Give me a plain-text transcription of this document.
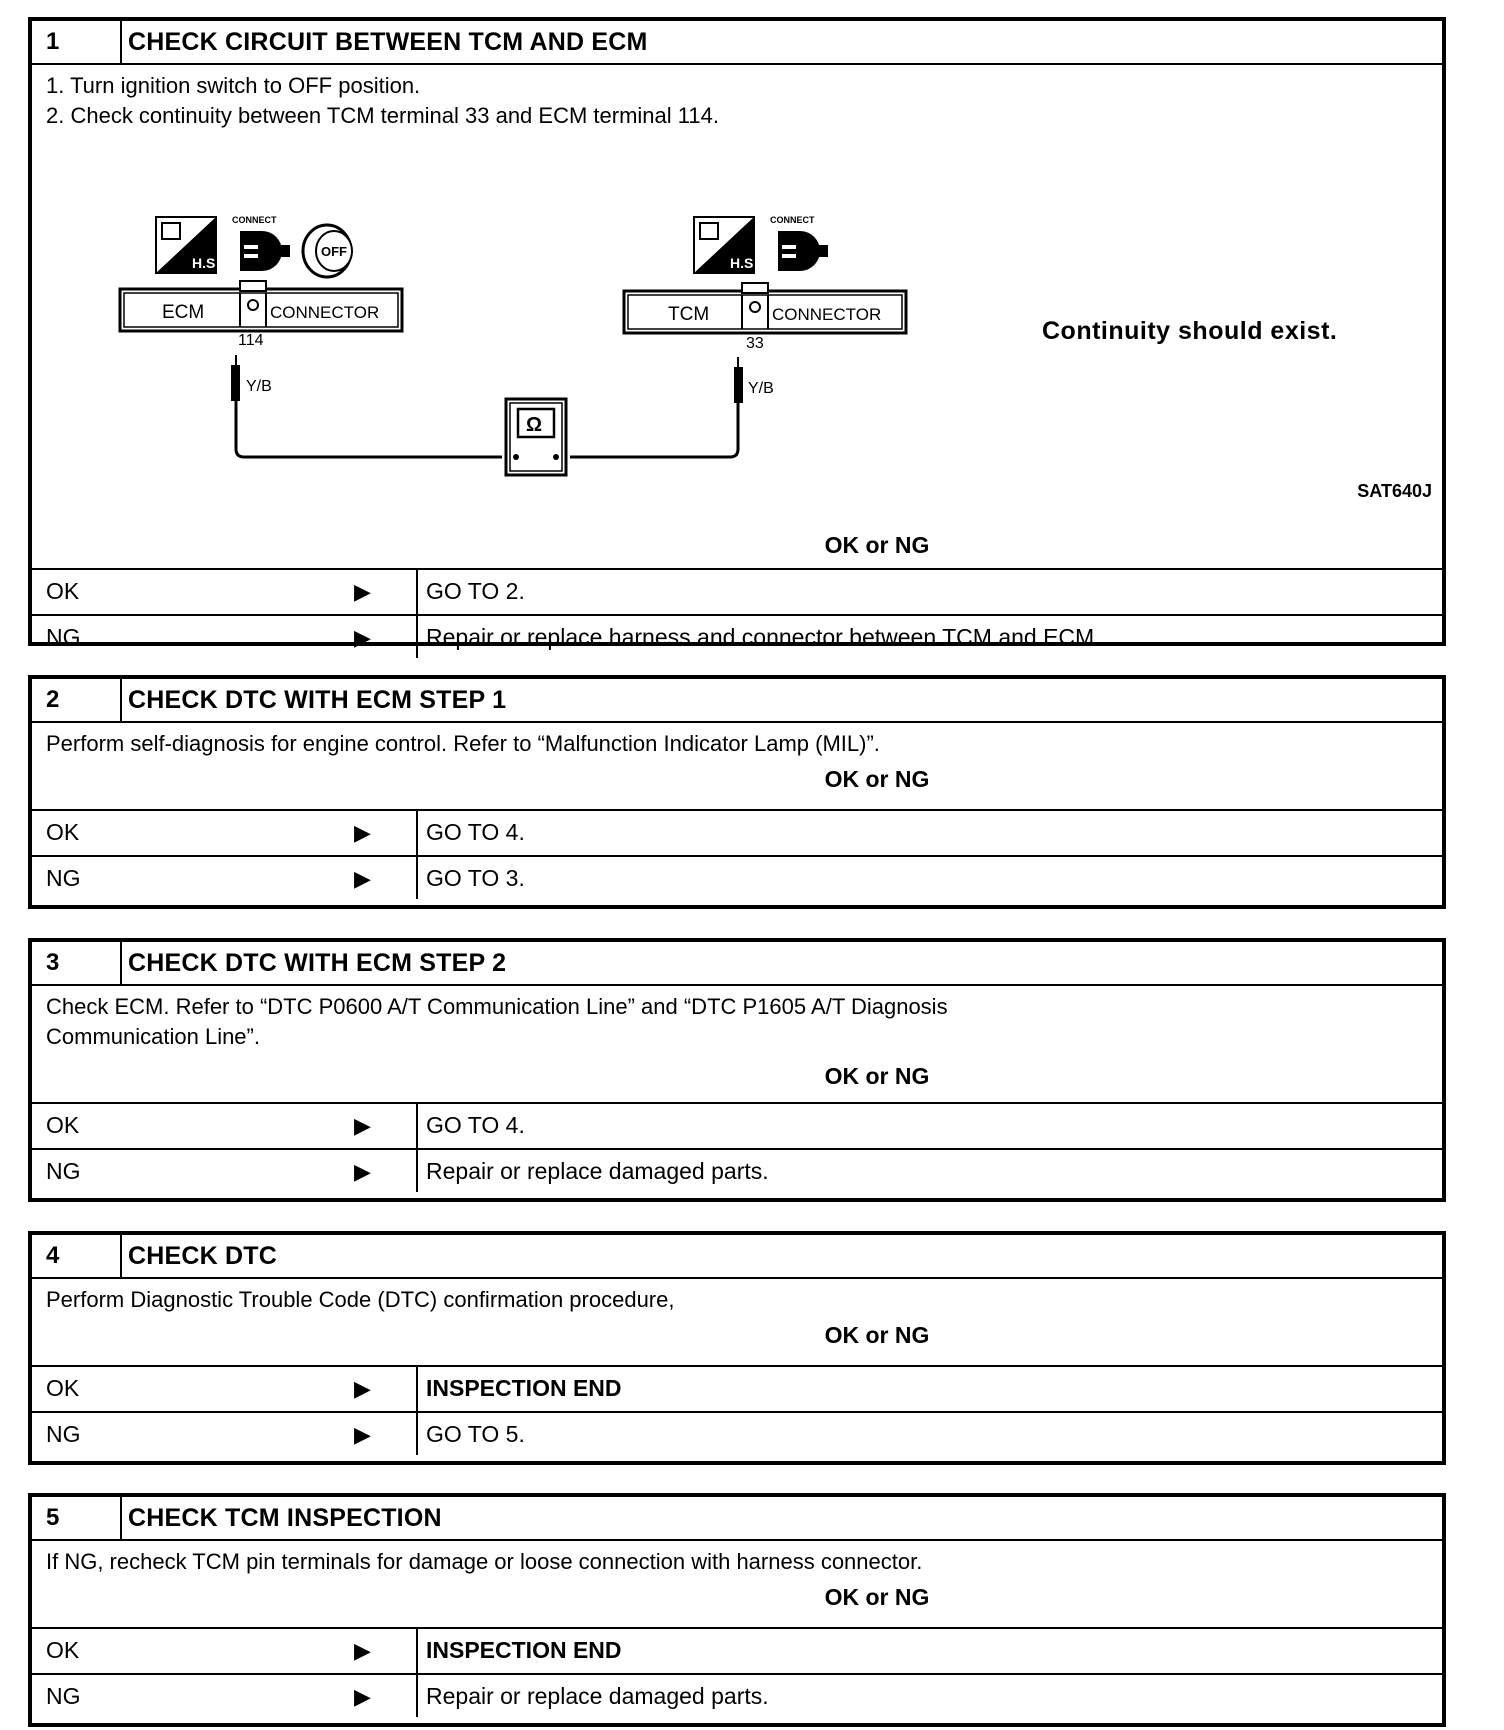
1	CHECK CIRCUIT BETWEEN TCM AND ECM
1. Turn ignition switch to OFF position.
2. Check continuity between TCM terminal 33 and ECM terminal 114.
H.S
CONNECT
OFF
ECM	CONNECTOR
114
H.S
CONNECT
TCM	CONNECTOR
33
Y/B	Y/B
Ω
Continuity should exist.
SAT640J
OK or NG
OK	▶	GO TO 2.
NG	▶	Repair or replace harness and connector between TCM and ECM.
2	CHECK DTC WITH ECM STEP 1
Perform self-diagnosis for engine control. Refer to “Malfunction Indicator Lamp (MIL)”.
OK or NG
OK	▶	GO TO 4.
NG	▶	GO TO 3.
3	CHECK DTC WITH ECM STEP 2
Check ECM. Refer to “DTC P0600 A/T Communication Line” and “DTC P1605 A/T Diagnosis
Communication Line”.
OK or NG
OK	▶	GO TO 4.
NG	▶	Repair or replace damaged parts.
4	CHECK DTC
Perform Diagnostic Trouble Code (DTC) confirmation procedure,
OK or NG
OK	▶	INSPECTION END
NG	▶	GO TO 5.
5	CHECK TCM INSPECTION
If NG, recheck TCM pin terminals for damage or loose connection with harness connector.
OK or NG
OK	▶	INSPECTION END
NG	▶	Repair or replace damaged parts.
